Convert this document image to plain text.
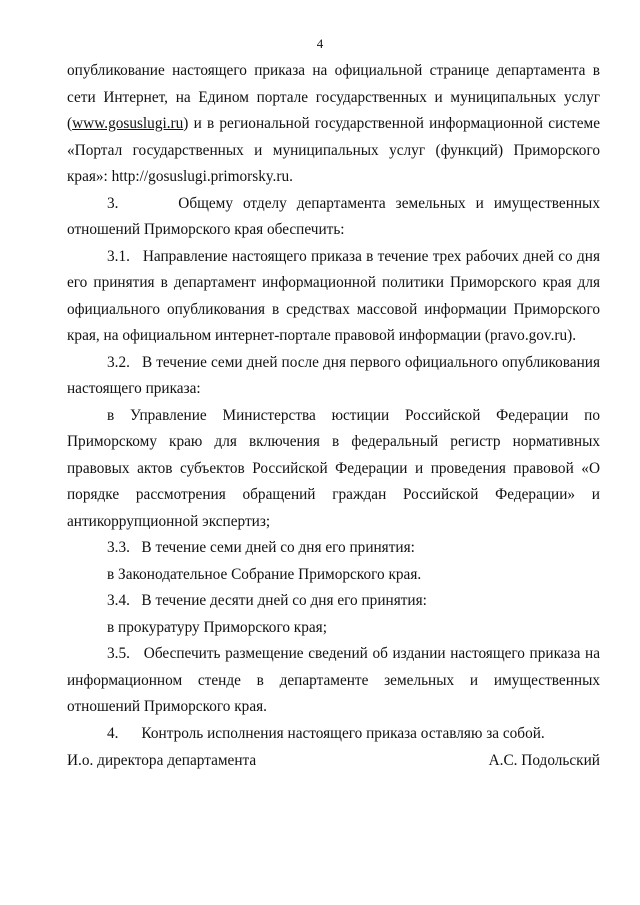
4

опубликование настоящего приказа на официальной странице департамента в сети Интернет, на Едином портале государственных и муниципальных услуг (www.gosuslugi.ru) и в региональной государственной информационной системе «Портал государственных и муниципальных услуг (функций) Приморского края»: http://gosuslugi.primorsky.ru.

3.      Общему отделу департамента земельных и имущественных отношений Приморского края обеспечить:

3.1.   Направление настоящего приказа в течение трех рабочих дней со дня его принятия в департамент информационной политики Приморского края для официального опубликования в средствах массовой информации Приморского края, на официальном интернет-портале правовой информации (pravo.gov.ru).

3.2.   В течение семи дней после дня первого официального опубликования настоящего приказа:

в Управление Министерства юстиции Российской Федерации по Приморскому краю для включения в федеральный регистр нормативных правовых актов субъектов Российской Федерации и проведения правовой «О порядке рассмотрения обращений граждан Российской Федерации» и антикоррупционной экспертиз;

3.3.   В течение семи дней со дня его принятия:

в Законодательное Собрание Приморского края.

3.4.   В течение десяти дней со дня его принятия:

в прокуратуру Приморского края;

3.5.   Обеспечить размещение сведений об издании настоящего приказа на информационном стенде в департаменте земельных и имущественных отношений Приморского края.

4.      Контроль исполнения настоящего приказа оставляю за собой.

И.о. директора департамента	А.С. Подольский
